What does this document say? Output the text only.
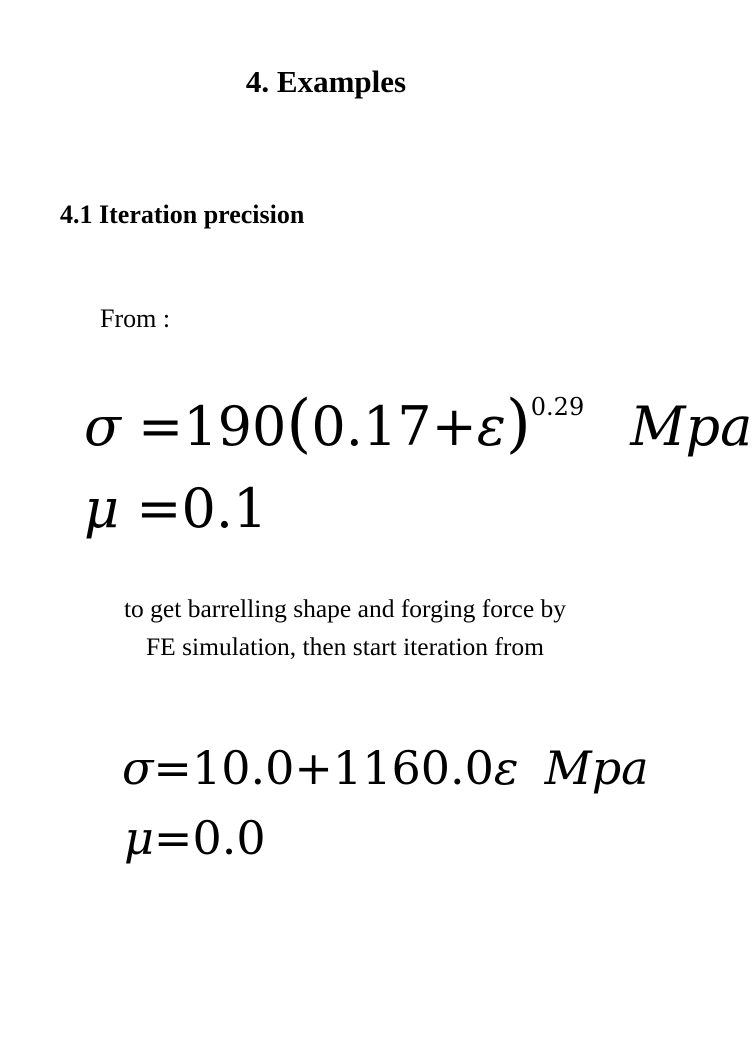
4. Examples
4.1 Iteration precision
From :
$\sigma =190(0.17+\varepsilon)^{0.29}$ Mpa
μ =0.1
to get barrelling shape and forging force by
FE simulation, then start iteration from
σ=10.0+1160.0ε Mpa
μ=0.0
